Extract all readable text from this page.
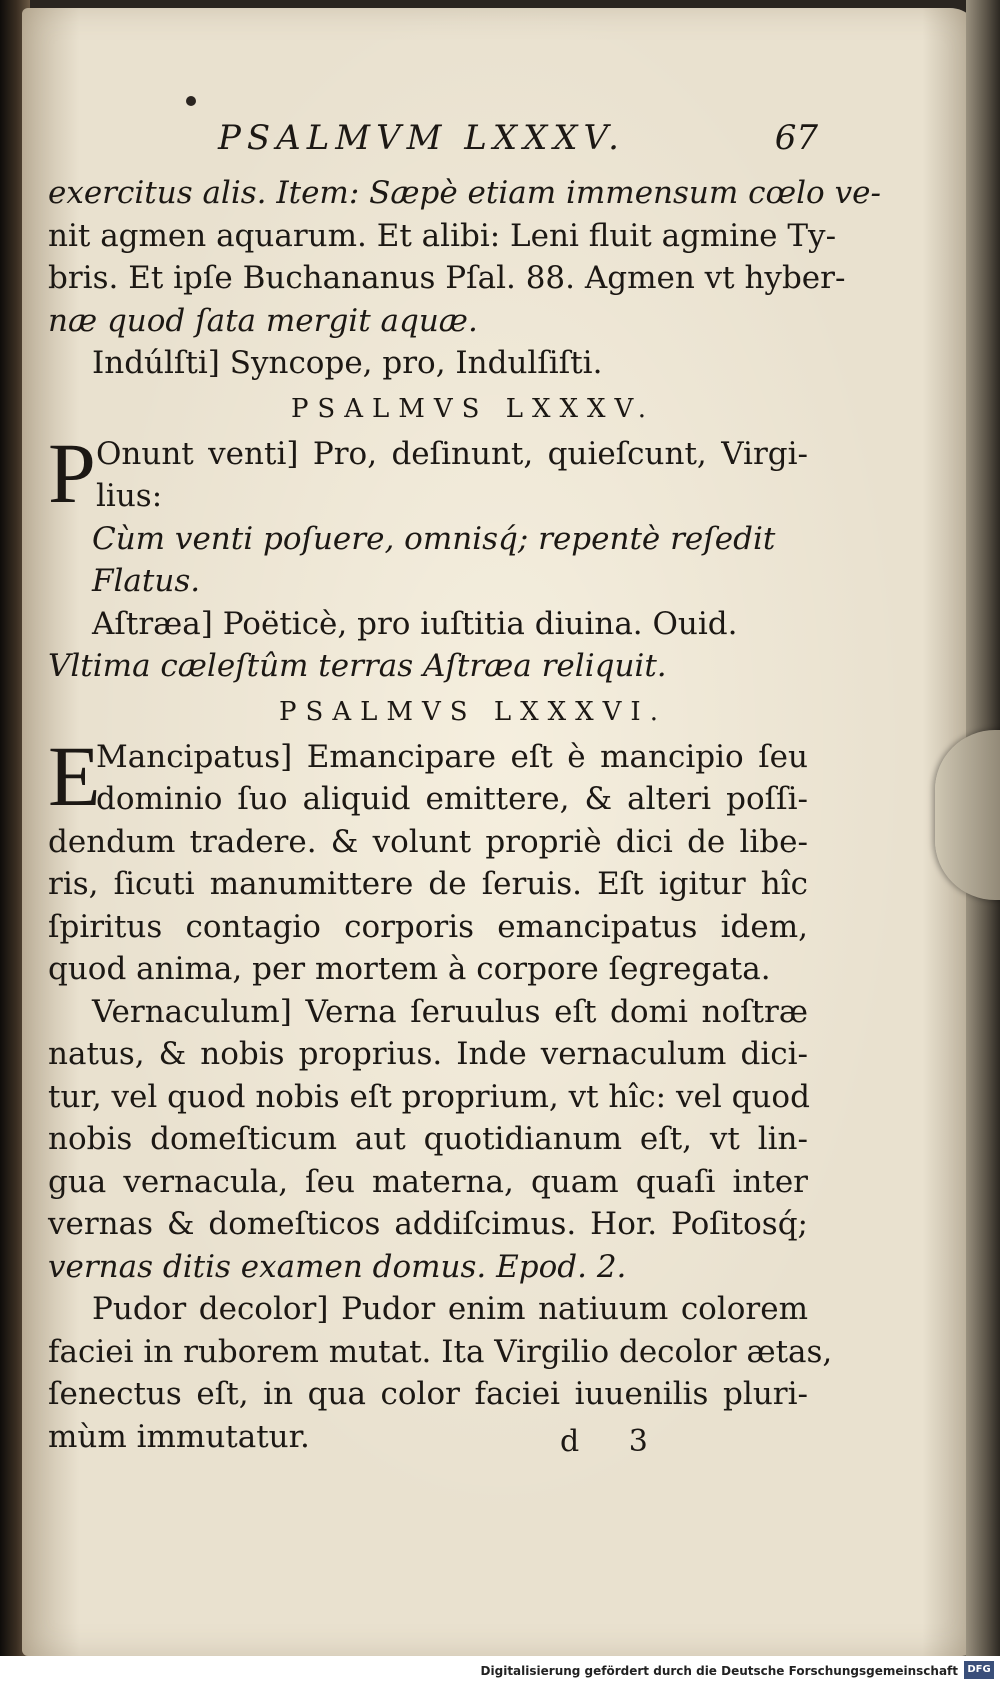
PSALMVM LXXXV.	67
exercitus alis. Item: Sæpè etiam immensum cœlo ve-
nit agmen aquarum. Et alibi: Leni fluit agmine Ty-
bris. Et ipſe Buchananus Pſal. 88. Agmen vt hyber-
næ quod ſata mergit aquæ.
Indúlſti] Syncope, pro, Indulſiſti.
PSALMVS LXXXV.
P Onunt venti] Pro, deſinunt, quieſcunt, Virgi-
lius:
Cùm venti poſuere, omnisq́; repentè reſedit
Flatus.
Aſtræa] Poëticè, pro iuſtitia diuina. Ouid.
Vltima cæleſtûm terras Aſtræa reliquit.
PSALMVS LXXXVI.
E
Mancipatus] Emancipare eſt è mancipio ſeu
dominio ſuo aliquid emittere, & alteri poſſi-
dendum tradere. & volunt propriè dici de libe-
ris, ſicuti manumittere de ſeruis. Eſt igitur hîc
ſpiritus contagio corporis emancipatus idem,
quod anima, per mortem à corpore ſegregata.
Vernaculum] Verna ſeruulus eſt domi noſtræ
natus, & nobis proprius. Inde vernaculum dici-
tur, vel quod nobis eſt proprium, vt hîc: vel quod
nobis domeſticum aut quotidianum eſt, vt lin-
gua vernacula, ſeu materna, quam quaſi inter
vernas & domeſticos addiſcimus. Hor. Poſitosq́;
vernas ditis examen domus. Epod. 2.
Pudor decolor] Pudor enim natiuum colorem
faciei in ruborem mutat. Ita Virgilio decolor ætas,
ſenectus eſt, in qua color faciei iuuenilis pluri-
mùm immutatur.	d 3
Digitalisierung gefördert durch die Deutsche Forschungsgemeinschaft DFG
